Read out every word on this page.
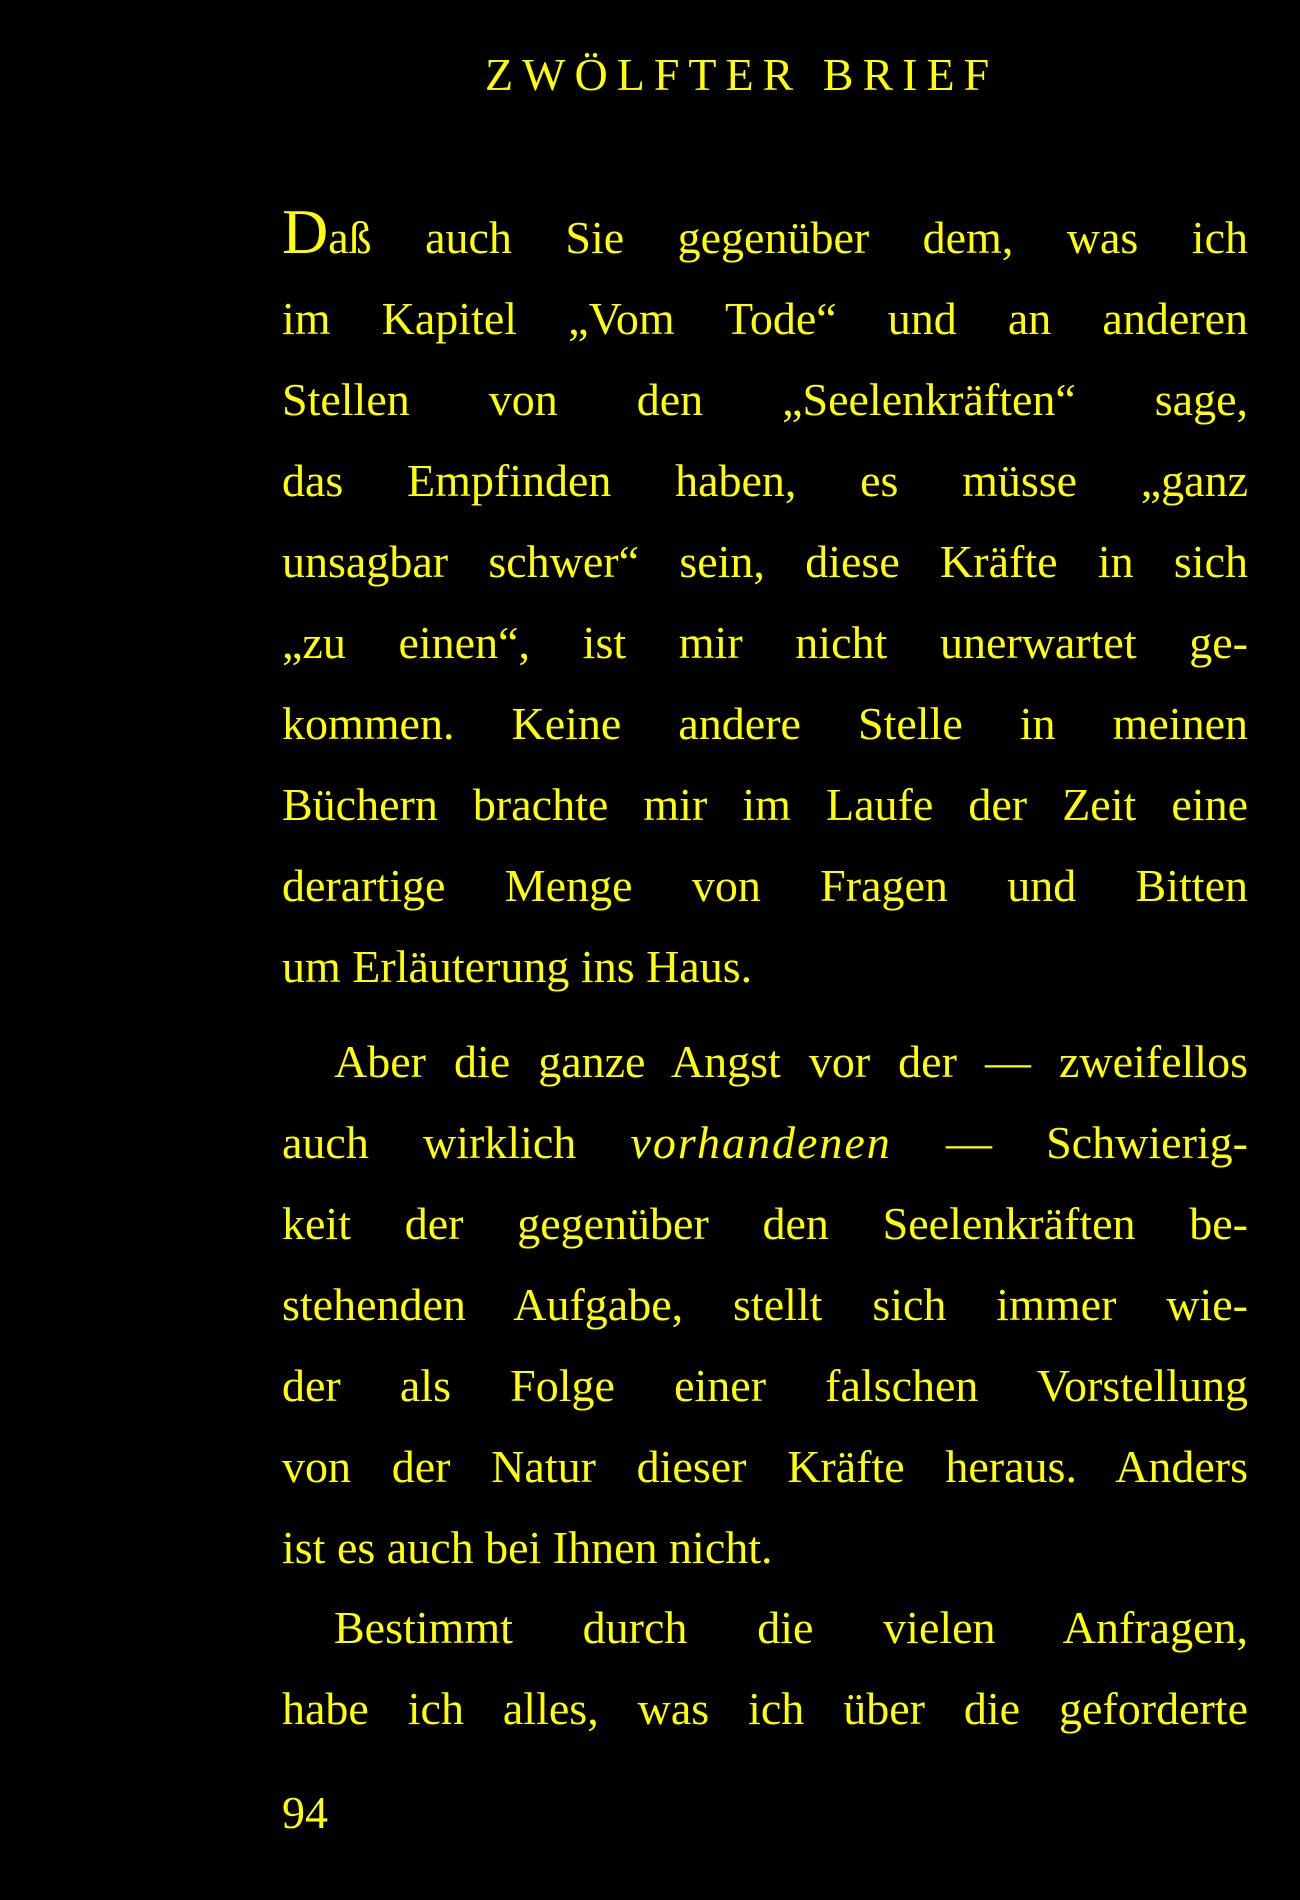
ZWÖLFTER BRIEF
Daß auch Sie gegenüber dem, was ich
im Kapitel „Vom Tode“ und an anderen
Stellen von den „Seelenkräften“ sage,
das Empfinden haben, es müsse „ganz
unsagbar schwer“ sein, diese Kräfte in sich
„zu einen“, ist mir nicht unerwartet ge-
kommen. Keine andere Stelle in meinen
Büchern brachte mir im Laufe der Zeit eine
derartige Menge von Fragen und Bitten
um Erläuterung ins Haus.
Aber die ganze Angst vor der — zweifellos
auch wirklich vorhandenen — Schwierig-
keit der gegenüber den Seelenkräften be-
stehenden Aufgabe, stellt sich immer wie-
der als Folge einer falschen Vorstellung
von der Natur dieser Kräfte heraus. Anders
ist es auch bei Ihnen nicht.
Bestimmt durch die vielen Anfragen,
habe ich alles, was ich über die geforderte
94
